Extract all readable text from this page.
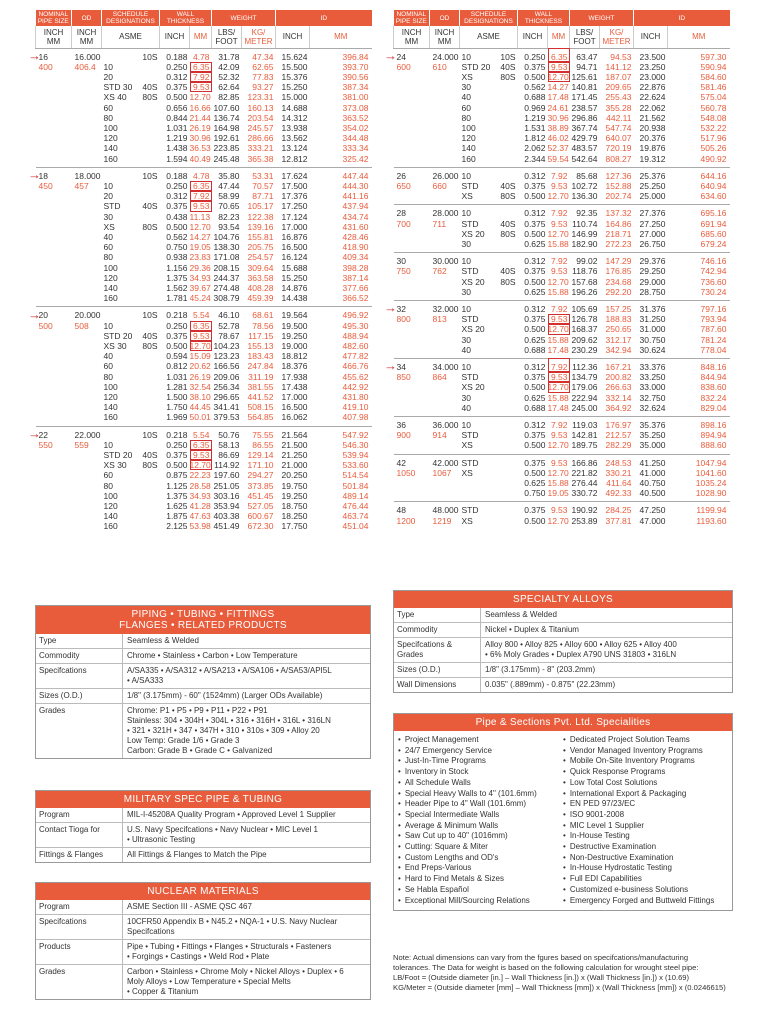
NOMINAL PIPE SIZE	OD	SCHEDULE DESIGNATIONS	WALL THICKNESS		WEIGHT		ID	
INCH MM	INCH MM	ASME	INCH	MM	LBS/ FOOT	KG/ METER	INCH	MM
16	16.000	10S	0.188	4.78	31.78	47.34	15.624	396.84
400	406.4	10	0.250	6.35	42.09	62.65	15.500	393.70
		20	0.312	7.92	52.32	77.83	15.376	390.56
		STD 30 40S	0.375	9.53	62.64	93.27	15.250	387.34
		XS 40 80S	0.500	12.70	82.85	123.31	15.000	381.00
		60	0.656	16.66	107.60	160.13	14.688	373.08
		80	0.844	21.44	136.74	203.54	14.312	363.52
		100	1.031	26.19	164.98	245.57	13.938	354.02
		120	1.219	30.96	192.61	286.66	13.562	344.48
		140	1.438	36.53	223.85	333.21	13.124	333.34
		160	1.594	40.49	245.48	365.38	12.812	325.42
18	18.000	10S	0.188	4.78	35.80	53.31	17.624	447.44
450	457	10	0.250	6.35	47.44	70.57	17.500	444.30
		20	0.312	7.92	58.99	87.71	17.376	441.16
		STD 40S	0.375	9.53	70.65	105.17	17.250	437.94
		30	0.438	11.13	82.23	122.38	17.124	434.74
		XS 80S	0.500	12.70	93.54	139.16	17.000	431.60
		40	0.562	14.27	104.76	155.81	16.876	428.46
		60	0.750	19.05	138.30	205.75	16.500	418.90
		80	0.938	23.83	171.08	254.57	16.124	409.34
		100	1.156	29.36	208.15	309.64	15.688	398.28
		120	1.375	34.93	244.37	363.58	15.250	387.14
		140	1.562	39.67	274.48	408.28	14.876	377.66
		160	1.781	45.24	308.79	459.39	14.438	366.52
20	20.000	10S	0.218	5.54	46.10	68.61	19.564	496.92
500	508	10	0.250	6.35	52.78	78.56	19.500	495.30
		STD 20 40S	0.375	9.53	78.67	117.15	19.250	488.94
		XS 30 80S	0.500	12.70	104.23	155.13	19.000	482.60
		40	0.594	15.09	123.23	183.43	18.812	477.82
		60	0.812	20.62	166.56	247.84	18.376	466.76
		80	1.031	26.19	209.06	311.19	17.938	455.62
		100	1.281	32.54	256.34	381.55	17.438	442.92
		120	1.500	38.10	296.65	441.52	17.000	431.80
		140	1.750	44.45	341.41	508.15	16.500	419.10
		160	1.969	50.01	379.53	564.85	16.062	407.98
22	22.000	10S	0.218	5.54	50.76	75.55	21.564	547.92
550	559	10	0.250	6.35	58.13	86.55	21.500	546.30
		STD 20 40S	0.375	9.53	86.69	129.14	21.250	539.94
		XS 30 80S	0.500	12.70	114.92	171.10	21.000	533.60
		60	0.875	22.23	197.60	294.27	20.250	514.54
		80	1.125	28.58	251.05	373.85	19.750	501.84
		100	1.375	34.93	303.16	451.45	19.250	489.14
		120	1.625	41.28	353.94	527.05	18.750	476.44
		140	1.875	47.63	403.38	600.67	18.250	463.74
		160	2.125	53.98	451.49	672.30	17.750	451.04
NOMINAL PIPE SIZE	OD	SCHEDULE DESIGNATIONS	WALL THICKNESS		WEIGHT		ID	
INCH MM	INCH MM	ASME	INCH	MM	LBS/ FOOT	KG/ METER	INCH	MM
24	24.000	10 10S	0.250	6.35	63.47	94.53	23.500	597.30
600	610	STD 20 40S	0.375	9.53	94.71	141.12	23.250	590.94
		XS 80S	0.500	12.70	125.61	187.07	23.000	584.60
		30	0.562	14.27	140.81	209.65	22.876	581.46
		40	0.688	17.48	171.45	255.43	22.624	575.04
		60	0.969	24.61	238.57	355.28	22.062	560.78
		80	1.219	30.96	296.86	442.11	21.562	548.08
		100	1.531	38.89	367.74	547.74	20.938	532.22
		120	1.812	46.02	429.79	640.07	20.376	517.96
		140	2.062	52.37	483.57	720.19	19.876	505.26
		160	2.344	59.54	542.64	808.27	19.312	490.92
26	26.000	10	0.312	7.92	85.68	127.36	25.376	644.16
650	660	STD 40S	0.375	9.53	102.72	152.88	25.250	640.94
		XS 80S	0.500	12.70	136.30	202.74	25.000	634.60
28	28.000	10	0.312	7.92	92.35	137.32	27.376	695.16
700	711	STD 40S	0.375	9.53	110.74	164.86	27.250	691.94
		XS 20 80S	0.500	12.70	146.99	218.71	27.000	685.60
		30	0.625	15.88	182.90	272.23	26.750	679.24
30	30.000	10	0.312	7.92	99.02	147.29	29.376	746.16
750	762	STD 40S	0.375	9.53	118.76	176.85	29.250	742.94
		XS 20 80S	0.500	12.70	157.68	234.68	29.000	736.60
		30	0.625	15.88	196.26	292.20	28.750	730.24
32	32.000	10	0.312	7.92	105.69	157.25	31.376	797.16
800	813	STD	0.375	9.53	126.78	188.83	31.250	793.94
		XS 20	0.500	12.70	168.37	250.65	31.000	787.60
		30	0.625	15.88	209.62	312.17	30.750	781.24
		40	0.688	17.48	230.29	342.94	30.624	778.04
34	34.000	10	0.312	7.92	112.36	167.21	33.376	848.16
850	864	STD	0.375	9.53	134.79	200.82	33.250	844.94
		XS 20	0.500	12.70	179.06	266.63	33.000	838.60
		30	0.625	15.88	222.94	332.14	32.750	832.24
		40	0.688	17.48	245.00	364.92	32.624	829.04
36	36.000	10	0.312	7.92	119.03	176.97	35.376	898.16
900	914	STD	0.375	9.53	142.81	212.57	35.250	894.94
		XS	0.500	12.70	189.75	282.29	35.000	888.60
42	42.000	STD	0.375	9.53	166.86	248.53	41.250	1047.94
1050	1067	XS	0.500	12.70	221.82	330.21	41.000	1041.60
			0.625	15.88	276.44	411.64	40.750	1035.24
			0.750	19.05	330.72	492.33	40.500	1028.90
48	48.000	STD	0.375	9.53	190.92	284.25	47.250	1199.94
1200	1219	XS	0.500	12.70	253.89	377.81	47.000	1193.60
PIPING • TUBING • FITTINGS
FLANGES • RELATED PRODUCTS
Type	Seamless & Welded
Commodity	Chrome • Stainless • Carbon • Low Temperature
Specifcations	A/SA335 • A/SA312 • A/SA213 • A/SA106 • A/SA53/API5L
• A/SA333
Sizes (O.D.)	1/8" (3.175mm) - 60" (1524mm) (Larger ODs Available)
Grades	Chrome: P1 • P5 • P9 • P11 • P22 • P91
Stainless: 304 • 304H • 304L • 316 • 316H • 316L • 316LN
• 321 • 321H • 347 • 347H • 310 • 310s • 309 • Alloy 20
Low Temp: Grade 1/6 • Grade 3
Carbon: Grade B • Grade C • Galvanized
MILITARY SPEC PIPE & TUBING
Program	MIL-I-45208A Quality Program • Approved Level 1 Supplier
Contact Tioga for	U.S. Navy Specifcations • Navy Nuclear • MIC Level 1
• Ultrasonic Testing
Fittings & Flanges	All Fittings & Flanges to Match the Pipe
NUCLEAR MATERIALS
Program	ASME Section III - ASME QSC 467
Specifcations	10CFR50 Appendix B • N45.2 • NQA-1 • U.S. Navy Nuclear
Specifcations
Products	Pipe • Tubing • Fittings • Flanges • Structurals • Fasteners
• Forgings • Castings • Weld Rod • Plate
Grades	Carbon • Stainless • Chrome Moly • Nickel Alloys • Duplex • 6
Moly Alloys • Low Temperature • Special Melts
• Copper & Titanium
SPECIALTY ALLOYS
Type	Seamless & Welded
Commodity	Nickel • Duplex & Titanium
Specifcations & Grades
Alloy 800 • Alloy 825 • Alloy 600 • Alloy 625 • Alloy 400
• 6% Moly Grades • Duplex A790 UNS 31803 • 316LN
Sizes (O.D.)	1/8" (3.175mm) - 8" (203.2mm)
Wall Dimensions	0.035" (.889mm) - 0.875" (22.23mm)
Pipe & Sections Pvt. Ltd. Specialities
• Project Management
• 24/7 Emergency Service
• Just-In-Time Programs
• Inventory in Stock
• All Schedule Walls
• Special Heavy Walls to 4" (101.6mm)
• Header Pipe to 4" Wall (101.6mm)
• Special Intermediate Walls
• Average & Minimum Walls
• Saw Cut up to 40" (1016mm)
• Cutting: Square & Miter
• Custom Lengths and OD's
• End Preps-Various
• Hard to Find Metals & Sizes
• Se Habla Español
• Exceptional Mill/Sourcing Relations
• Dedicated Project Solution Teams
• Vendor Managed Inventory Programs
• Mobile On-Site Inventory Programs
• Quick Response Programs
• Low Total Cost Solutions
• International Export & Packaging
• EN PED 97/23/EC
• ISO 9001-2008
• MIC Level 1 Supplier
• In-House Testing
• Destructive Examination
• Non-Destructive Examination
• In-House Hydrostatic Testing
• Full EDI Capabilities
• Customized e-business Solutions
• Emergency Forged and Buttweld Fittings
Note: Actual dimensions can vary from the fgures based on specifcations/manufacturing
tolerances. The Data for weight is based on the following calculation for wrought steel pipe:
LB/Foot = (Outside diameter [in.] – Wall Thickness [in.]) x (Wall Thickness [in.]) x (10.69)
KG/Meter = (Outside diameter [mm] – Wall Thickness [mm]) x (Wall Thickness [mm]) x (0.0246615)
→
→
→
→
→
→
→
